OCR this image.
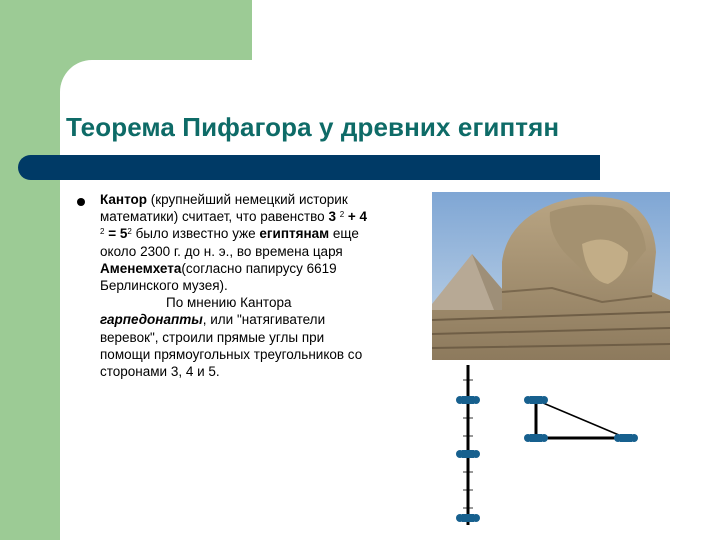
Теорема Пифагора у древних египтян
Кантор (крупнейший немецкий историк математики) считает, что равенство 3 $^2$ + 4 $^2 = 5^2$ было известно уже египтянам еще около 2300 г. до н. э., во времена царя Аменемхета(согласно папирусу 6619 Берлинского музея).
По мнению Кантора гарпедонапты, или "натягиватели веревок", строили прямые углы при помощи прямоугольных треугольников со сторонами 3, 4 и 5.
